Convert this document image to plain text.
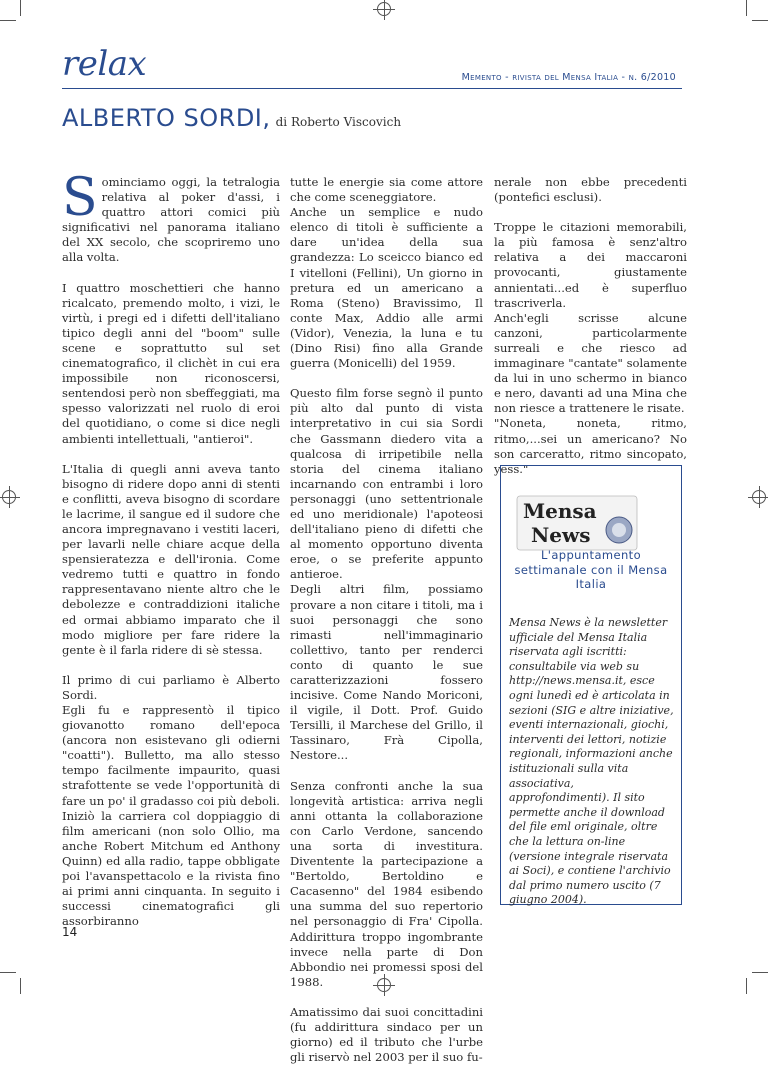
relax	Memento - rivista del Mensa Italia - n. 6/2010
ALBERTO SORDI, di Roberto Viscovich

Sominciamo oggi, la tetralogia relativa al poker d'assi, i quattro attori comici più significativi nel panorama italiano del XX secolo, che scopriremo uno alla volta.

I quattro moschettieri che hanno ricalcato, premendo molto, i vizi, le virtù, i pregi ed i difetti dell'italiano tipico degli anni del "boom" sulle scene e soprattutto sul set cinematografico, il clichèt in cui era impossibile non riconoscersi, sentendosi però non sbeffeggiati, ma spesso valorizzati nel ruolo di eroi del quotidiano, o come si dice negli ambienti intellettuali, "antieroi".

L'Italia di quegli anni aveva tanto bisogno di ridere dopo anni di stenti e conflitti, aveva bisogno di scordare le lacrime, il sangue ed il sudore che ancora impregnavano i vestiti laceri, per lavarli nelle chiare acque della spensieratezza e dell'ironia. Come vedremo tutti e quattro in fondo rappresentavano niente altro che le debolezze e contraddizioni italiche ed ormai abbiamo imparato che il modo migliore per fare ridere la gente è il farla ridere di sè stessa.

Il primo di cui parliamo è Alberto Sordi.

Egli fu e rappresentò il tipico giovanotto romano dell'epoca (ancora non esistevano gli odierni "coatti"). Bulletto, ma allo stesso tempo facilmente impaurito, quasi strafottente se vede l'opportunità di fare un po' il gradasso coi più deboli.

Iniziò la carriera col doppiaggio di film americani (non solo Ollio, ma anche Robert Mitchum ed Anthony Quinn) ed alla radio, tappe obbligate poi l'avanspettacolo e la rivista fino ai primi anni cinquanta. In seguito i successi cinematografici gli assorbiranno

tutte le energie sia come attore che come sceneggiatore.

Anche un semplice e nudo elenco di titoli è sufficiente a dare un'idea della sua grandezza: Lo sceicco bianco ed I vitelloni (Fellini), Un giorno in pretura ed un americano a Roma (Steno) Bravissimo, Il conte Max, Addio alle armi (Vidor), Venezia, la luna e tu (Dino Risi) fino alla Grande guerra (Monicelli) del 1959.

Questo film forse segnò il punto più alto dal punto di vista interpretativo in cui sia Sordi che Gassmann diedero vita a qualcosa di irripetibile nella storia del cinema italiano incarnando con entrambi i loro personaggi (uno settentrionale ed uno meridionale) l'apoteosi dell'italiano pieno di difetti che al momento opportuno diventa eroe, o se preferite appunto antieroe.

Degli altri film, possiamo provare a non citare i titoli, ma i suoi personaggi che sono rimasti nell'immaginario collettivo, tanto per renderci conto di quanto le sue caratterizzazioni fossero incisive. Come Nando Moriconi, il vigile, il Dott. Prof. Guido Tersilli, il Marchese del Grillo, il Tassinaro, Frà Cipolla, Nestore...

Senza confronti anche la sua longevità artistica: arriva negli anni ottanta la collaborazione con Carlo Verdone, sancendo una sorta di investitura. Diventente la partecipazione a "Bertoldo, Bertoldino e Cacasenno" del 1984 esibendo una summa del suo repertorio nel personaggio di Fra' Cipolla. Addirittura troppo ingombrante invece nella parte di Don Abbondio nei promessi sposi del 1988.

Amatissimo dai suoi concittadini (fu addirittura sindaco per un giorno) ed il tributo che l'urbe gli riservò nel 2003 per il suo fu-

nerale non ebbe precedenti (pontefici esclusi).

Troppe le citazioni memorabili, la più famosa è senz'altro relativa a dei maccaroni provocanti, giustamente annientati...ed è superfluo trascriverla.

Anch'egli scrisse alcune canzoni, particolarmente surreali e che riesco ad immaginare "cantate" solamente da lui in uno schermo in bianco e nero, davanti ad una Mina che non riesce a trattenere le risate.

"Noneta, noneta, ritmo, ritmo,...sei un americano? No son carceratto, ritmo sincopato, yess."

Mensa
News
L'appuntamento settimanale con il Mensa Italia
Mensa News è la newsletter ufficiale del Mensa Italia riservata agli iscritti: consultabile via web su http://news.mensa.it, esce ogni lunedì ed è articolata in sezioni (SIG e altre iniziative, eventi internazionali, giochi, interventi dei lettori, notizie regionali, informazioni anche istituzionali sulla vita associativa, approfondimenti). Il sito permette anche il download del file eml originale, oltre che la lettura on-line (versione integrale riservata ai Soci), e contiene l'archivio dal primo numero uscito (7 giugno 2004).
14
